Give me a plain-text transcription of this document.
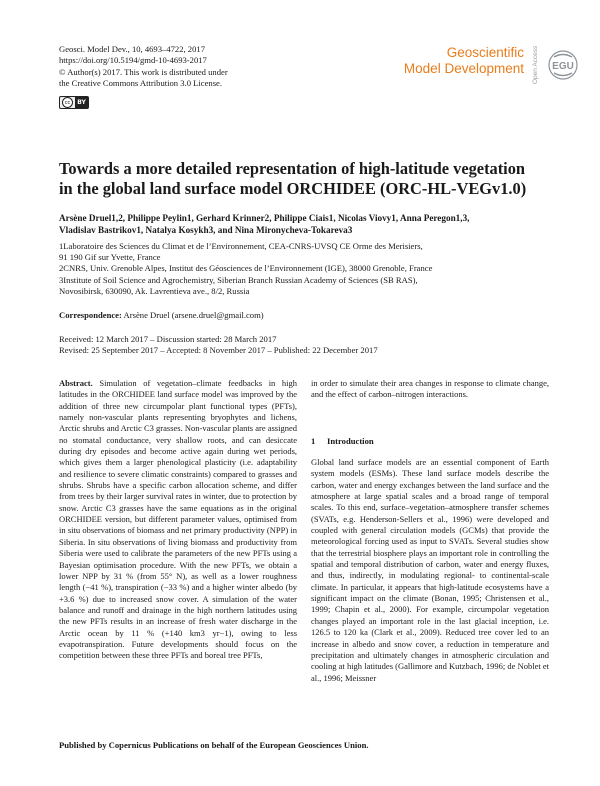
Geosci. Model Dev., 10, 4693–4722, 2017
https://doi.org/10.5194/gmd-10-4693-2017
© Author(s) 2017. This work is distributed under
the Creative Commons Attribution 3.0 License.
cc	BY
Geoscientific
Model Development Open Access EGU
Towards a more detailed representation of high-latitude vegetation
in the global land surface model ORCHIDEE (ORC-HL-VEGv1.0)
Arsène Druel1,2, Philippe Peylin1, Gerhard Krinner2, Philippe Ciais1, Nicolas Viovy1, Anna Peregon1,3,
Vladislav Bastrikov1, Natalya Kosykh3, and Nina Mironycheva-Tokareva3
1Laboratoire des Sciences du Climat et de l’Environnement, CEA-CNRS-UVSQ CE Orme des Merisiers,
91 190 Gif sur Yvette, France
2CNRS, Univ. Grenoble Alpes, Institut des Géosciences de l’Environnement (IGE), 38000 Grenoble, France
3Institute of Soil Science and Agrochemistry, Siberian Branch Russian Academy of Sciences (SB RAS),
Novosibirsk, 630090, Ak. Lavrentieva ave., 8/2, Russia
Correspondence: Arsène Druel (arsene.druel@gmail.com)
Received: 12 March 2017 – Discussion started: 28 March 2017
Revised: 25 September 2017 – Accepted: 8 November 2017 – Published: 22 December 2017
Abstract. Simulation of vegetation–climate feedbacks in high latitudes in the ORCHIDEE land surface model was improved by the addition of three new circumpolar plant functional types (PFTs), namely non-vascular plants representing bryophytes and lichens, Arctic shrubs and Arctic C3 grasses. Non-vascular plants are assigned no stomatal conductance, very shallow roots, and can desiccate during dry episodes and become active again during wet periods, which gives them a larger phenological plasticity (i.e. adaptability and resilience to severe climatic constraints) compared to grasses and shrubs. Shrubs have a specific carbon allocation scheme, and differ from trees by their larger survival rates in winter, due to protection by snow. Arctic C3 grasses have the same equations as in the original ORCHIDEE version, but different parameter values, optimised from in situ observations of biomass and net primary productivity (NPP) in Siberia. In situ observations of living biomass and productivity from Siberia were used to calibrate the parameters of the new PFTs using a Bayesian optimisation procedure. With the new PFTs, we obtain a lower NPP by 31 % (from 55° N), as well as a lower roughness length (−41 %), transpiration (−33 %) and a higher winter albedo (by +3.6 %) due to increased snow cover. A simulation of the water balance and runoff and drainage in the high northern latitudes using the new PFTs results in an increase of fresh water discharge in the Arctic ocean by 11 % (+140 km3 yr−1), owing to less evapotranspiration. Future developments should focus on the competition between these three PFTs and boreal tree PFTs,
in order to simulate their area changes in response to climate change, and the effect of carbon–nitrogen interactions.
1 Introduction
Global land surface models are an essential component of Earth system models (ESMs). These land surface models describe the carbon, water and energy exchanges between the land surface and the atmosphere at large spatial scales and a broad range of temporal scales. To this end, surface–vegetation–atmosphere transfer schemes (SVATs, e.g. Henderson-Sellers et al., 1996) were developed and coupled with general circulation models (GCMs) that provide the meteorological forcing used as input to SVATs. Several studies show that the terrestrial biosphere plays an important role in controlling the spatial and temporal distribution of carbon, water and energy fluxes, and thus, indirectly, in modulating regional- to continental-scale climate. In particular, it appears that high-latitude ecosystems have a significant impact on the climate (Bonan, 1995; Christensen et al., 1999; Chapin et al., 2000). For example, circumpolar vegetation changes played an important role in the last glacial inception, i.e. 126.5 to 120 ka (Clark et al., 2009). Reduced tree cover led to an increase in albedo and snow cover, a reduction in temperature and precipitation and ultimately changes in atmospheric circulation and cooling at high latitudes (Gallimore and Kutzbach, 1996; de Noblet et al., 1996; Meissner
Published by Copernicus Publications on behalf of the European Geosciences Union.
